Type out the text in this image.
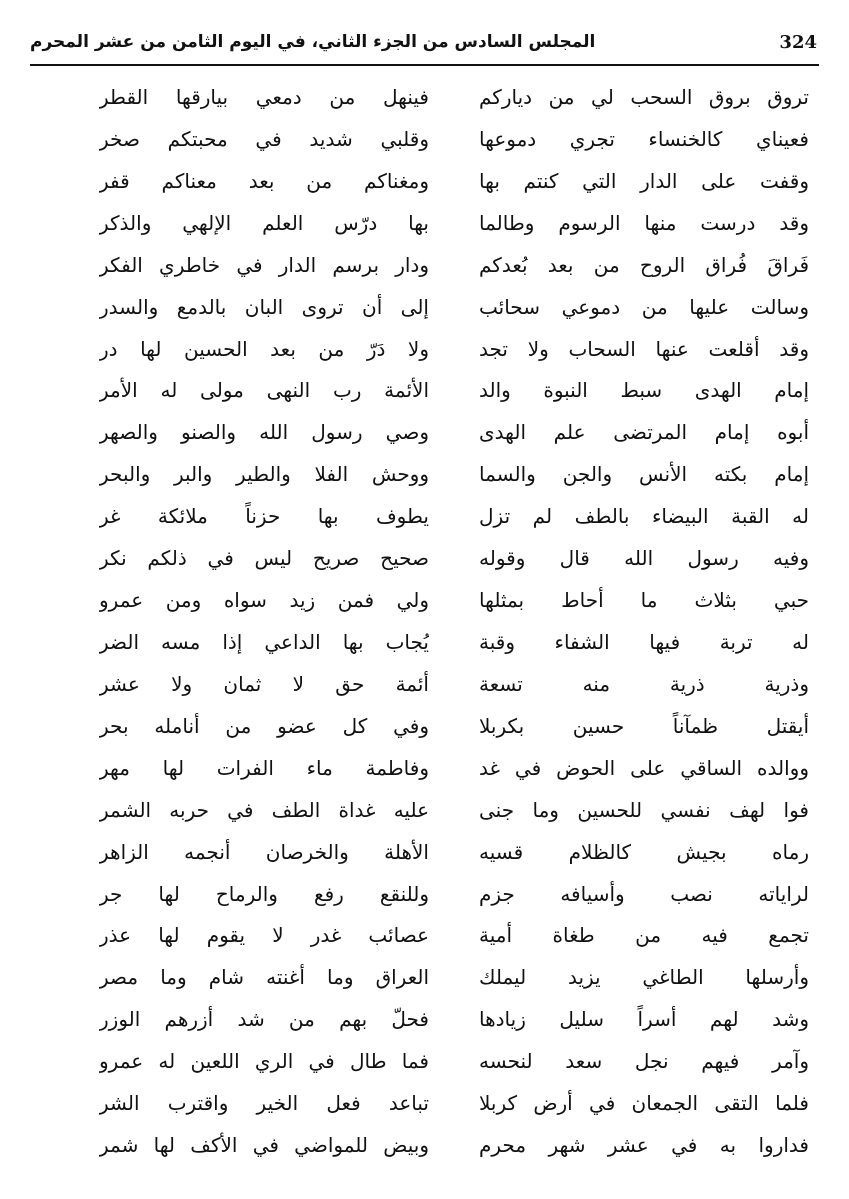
324
المجلس السادس من الجزء الثاني، في اليوم الثامن من عشر المحرم
تروق بروق السحب لي من دياركم
فينهل من دمعي بيارقها القطر
فعيناي كالخنساء تجري دموعها
وقلبي شديد في محبتكم صخر
وقفت على الدار التي كنتم بها
ومغناكم من بعد معناكم قفر
وقد درست منها الرسوم وطالما
بها درّس العلم الإلهي والذكر
فَراقَ فُراق الروح من بعد بُعدكم
ودار برسم الدار في خاطري الفكر
وسالت عليها من دموعي سحائب
إلى أن تروى البان بالدمع والسدر
وقد أقلعت عنها السحاب ولا تجد
ولا دَرّ من بعد الحسين لها در
إمام الهدى سبط النبوة والد
الأئمة رب النهى مولى له الأمر
أبوه إمام المرتضى علم الهدى
وصي رسول الله والصنو والصهر
إمام بكته الأنس والجن والسما
ووحش الفلا والطير والبر والبحر
له القبة البيضاء بالطف لم تزل
يطوف بها حزناً ملائكة غر
وفيه رسول الله قال وقوله
صحيح صريح ليس في ذلكم نكر
حبي بثلاث ما أحاط بمثلها
ولي فمن زيد سواه ومن عمرو
له تربة فيها الشفاء وقبة
يُجاب بها الداعي إذا مسه الضر
وذرية ذرية منه تسعة
أئمة حق لا ثمان ولا عشر
أيقتل ظمآناً حسين بكربلا
وفي كل عضو من أنامله بحر
ووالده الساقي على الحوض في غد
وفاطمة ماء الفرات لها مهر
فوا لهف نفسي للحسين وما جنى
عليه غداة الطف في حربه الشمر
رماه بجيش كالظلام قسيه
الأهلة والخرصان أنجمه الزاهر
لراياته نصب وأسيافه جزم
وللنقع رفع والرماح لها جر
تجمع فيه من طغاة أمية
عصائب غدر لا يقوم لها عذر
وأرسلها الطاغي يزيد ليملك
العراق وما أغنته شام وما مصر
وشد لهم أسراً سليل زيادها
فحلّ بهم من شد أزرهم الوزر
وآمر فيهم نجل سعد لنحسه
فما طال في الري اللعين له عمرو
فلما التقى الجمعان في أرض كربلا
تباعد فعل الخير واقترب الشر
فداروا به في عشر شهر محرم
وبيض للمواضي في الأكف لها شمر
